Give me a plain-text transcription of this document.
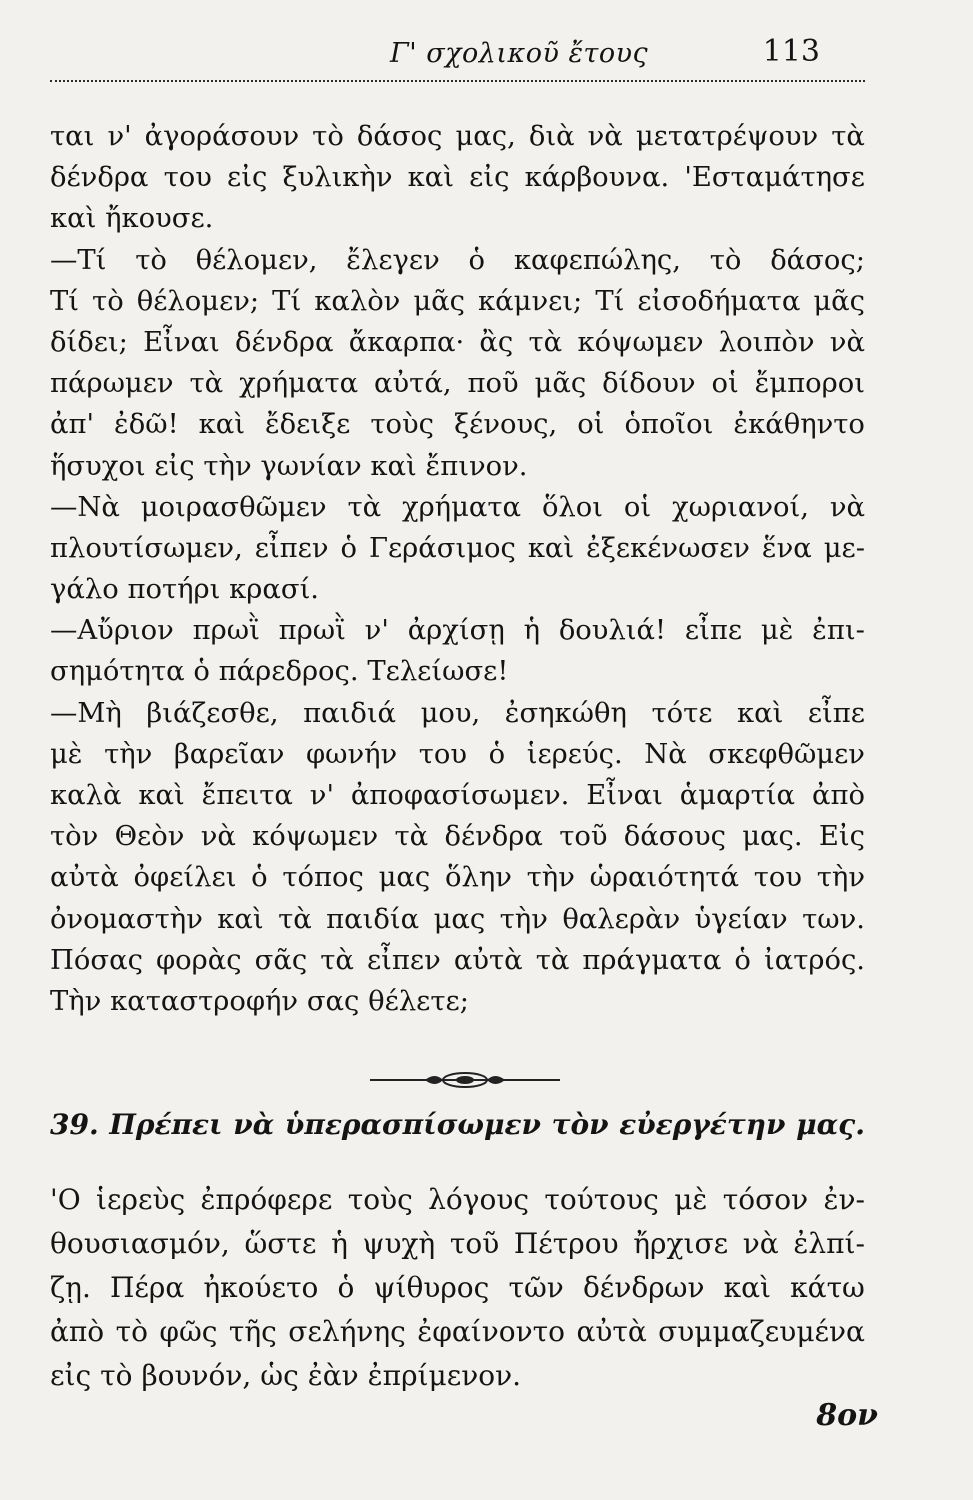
Γ' σχολικοῦ ἔτους	113
ται ν' ἀγοράσουν τὸ δάσος μας, διὰ νὰ μετατρέψουν τὰ
δένδρα του εἰς ξυλικὴν καὶ εἰς κάρβουνα. 'Εσταμάτησε
καὶ ἤκουσε.
—Τί τὸ θέλομεν, ἔλεγεν ὁ καφεπώλης, τὸ δάσος;
Τί τὸ θέλομεν; Τί καλὸν μᾶς κάμνει; Τί εἰσοδήματα μᾶς
δίδει; Εἶναι δένδρα ἄκαρπα· ἂς τὰ κόψωμεν λοιπὸν νὰ
πάρωμεν τὰ χρήματα αὐτά, ποῦ μᾶς δίδουν οἱ ἔμποροι
ἀπ' ἐδῶ! καὶ ἔδειξε τοὺς ξένους, οἱ ὁποῖοι ἐκάθηντο
ἥσυχοι εἰς τὴν γωνίαν καὶ ἔπινον.
—Νὰ μοιρασθῶμεν τὰ χρήματα ὅλοι οἱ χωριανοί, νὰ
πλουτίσωμεν, εἶπεν ὁ Γεράσιμος καὶ ἐξεκένωσεν ἕνα με-
γάλο ποτήρι κρασί.
—Αὔριον πρωῒ πρωῒ ν' ἀρχίσῃ ἡ δουλιά! εἶπε μὲ ἐπι-
σημότητα ὁ πάρεδρος. Τελείωσε!
—Μὴ βιάζεσθε, παιδιά μου, ἐσηκώθη τότε καὶ εἶπε
μὲ τὴν βαρεῖαν φωνήν του ὁ ἱερεύς. Νὰ σκεφθῶμεν
καλὰ καὶ ἔπειτα ν' ἀποφασίσωμεν. Εἶναι ἁμαρτία ἀπὸ
τὸν Θεὸν νὰ κόψωμεν τὰ δένδρα τοῦ δάσους μας. Εἰς
αὐτὰ ὀφείλει ὁ τόπος μας ὅλην τὴν ὡραιότητά του τὴν
ὀνομαστὴν καὶ τὰ παιδία μας τὴν θαλερὰν ὑγείαν των.
Πόσας φορὰς σᾶς τὰ εἶπεν αὐτὰ τὰ πράγματα ὁ ἰατρός.
Τὴν καταστροφήν σας θέλετε;
39. Πρέπει νὰ ὑπερασπίσωμεν τὸν εὐεργέτην μας.
'Ο ἱερεὺς ἐπρόφερε τοὺς λόγους τούτους μὲ τόσον ἐν-
θουσιασμόν, ὥστε ἡ ψυχὴ τοῦ Πέτρου ἤρχισε νὰ ἐλπί-
ζῃ. Πέρα ἠκούετο ὁ ψίθυρος τῶν δένδρων καὶ κάτω
ἀπὸ τὸ φῶς τῆς σελήνης ἐφαίνοντο αὐτὰ συμμαζευμένα
εἰς τὸ βουνόν, ὡς ἐὰν ἐπρίμενον.
8ον
